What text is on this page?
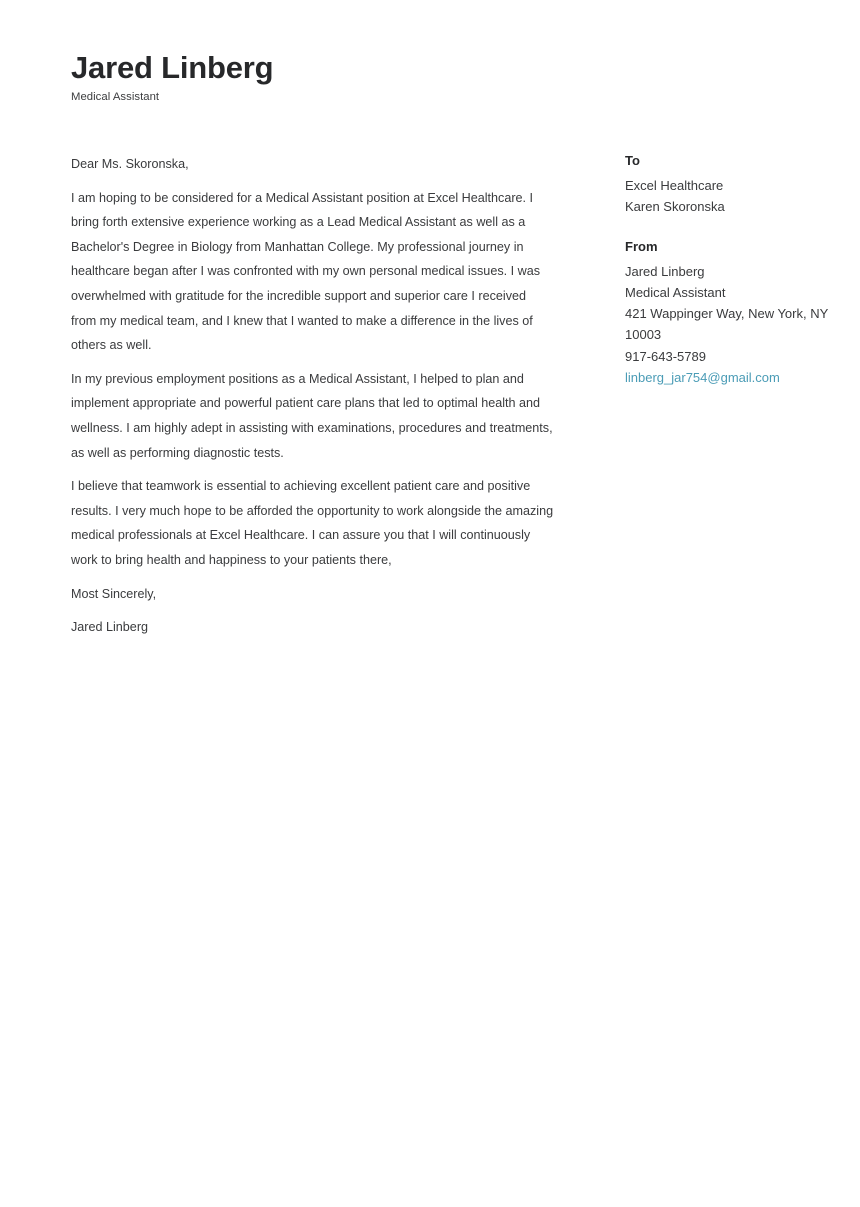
Jared Linberg

Medical Assistant

Dear Ms. Skoronska,

I am hoping to be considered for a Medical Assistant position at Excel Healthcare. I bring forth extensive experience working as a Lead Medical Assistant as well as a Bachelor's Degree in Biology from Manhattan College. My professional journey in healthcare began after I was confronted with my own personal medical issues. I was overwhelmed with gratitude for the incredible support and superior care I received from my medical team, and I knew that I wanted to make a difference in the lives of others as well.

In my previous employment positions as a Medical Assistant, I helped to plan and implement appropriate and powerful patient care plans that led to optimal health and wellness. I am highly adept in assisting with examinations, procedures and treatments, as well as performing diagnostic tests.

I believe that teamwork is essential to achieving excellent patient care and positive results. I very much hope to be afforded the opportunity to work alongside the amazing medical professionals at Excel Healthcare. I can assure you that I will continuously work to bring health and happiness to your patients there,

Most Sincerely,

Jared Linberg

To

Excel Healthcare

Karen Skoronska

From

Jared Linberg

Medical Assistant

421 Wappinger Way, New York, NY 10003

917-643-5789

linberg_jar754@gmail.com
